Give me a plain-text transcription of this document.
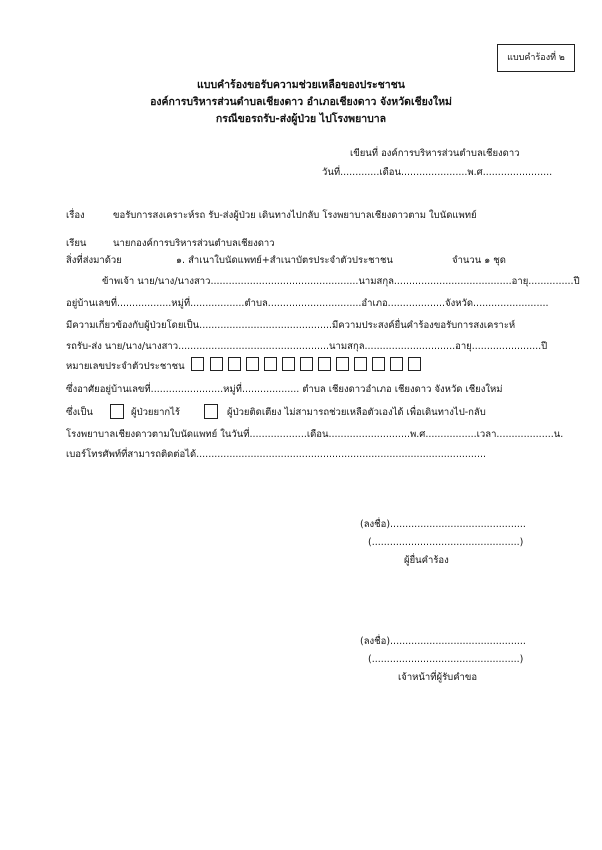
แบบคำร้องที่ ๒
แบบคำร้องขอรับความช่วยเหลือของประชาชน
องค์การบริหารส่วนตำบลเชียงดาว อำเภอเชียงดาว จังหวัดเชียงใหม่
กรณีขอรถรับ-ส่งผู้ป่วย ไปโรงพยาบาล
เขียนที่ องค์การบริหารส่วนตำบลเชียงดาว
วันที่.............เดือน......................พ.ศ.......................
เรื่อง	ขอรับการสงเคราะห์รถ รับ-ส่งผู้ป่วย เดินทางไปกลับ โรงพยาบาลเชียงดาวตาม ใบนัดแพทย์
เรียน	นายกองค์การบริหารส่วนตำบลเชียงดาว
สิ่งที่ส่งมาด้วย	๑. สำเนาใบนัดแพทย์+สำเนาบัตรประจำตัวประชาชน	จำนวน ๑ ชุด
ข้าพเจ้า นาย/นาง/นางสาว.................................................นามสกุล.......................................อายุ...............ปี
อยู่บ้านเลขที่..................หมู่ที่..................ตำบล...............................อำเภอ...................จังหวัด.........................
มีความเกี่ยวข้องกับผู้ป่วยโดยเป็น............................................มีความประสงค์ยื่นคำร้องขอรับการสงเคราะห์
รถรับ-ส่ง นาย/นาง/นางสาว..................................................นามสกุล..............................อายุ.......................ปี
หมายเลขประจำตัวประชาชน
ซึ่งอาศัยอยู่บ้านเลขที่........................หมู่ที่................... ตำบล เชียงดาวอำเภอ เชียงดาว จังหวัด เชียงใหม่
ซึ่งเป็น	ผู้ป่วยยากไร้	ผู้ป่วยติดเตียง ไม่สามารถช่วยเหลือตัวเองได้ เพื่อเดินทางไป-กลับ
โรงพยาบาลเชียงดาวตามใบนัดแพทย์ ในวันที่...................เดือน...........................พ.ศ.................เวลา...................น.
เบอร์โทรศัพท์ที่สามารถติดต่อได้................................................................................................
(ลงชื่อ).............................................
(.................................................)
ผู้ยื่นคำร้อง
(ลงชื่อ).............................................
(.................................................)
เจ้าหน้าที่ผู้รับคำขอ
